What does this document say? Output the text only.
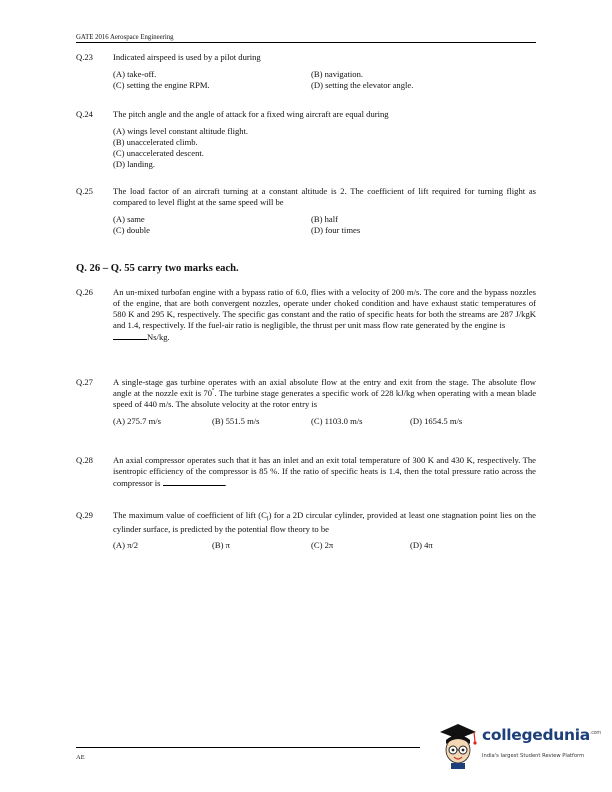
GATE 2016 Aerospace Engineering
Q.23	Indicated airspeed is used by a pilot during
(A) take-off.	(B) navigation.
(C) setting the engine RPM.	(D) setting the elevator angle.
Q.24	The pitch angle and the angle of attack for a fixed wing aircraft are equal during
(A) wings level constant altitude flight.
(B) unaccelerated climb.
(C) unaccelerated descent.
(D) landing.
Q.25	The load factor of an aircraft turning at a constant altitude is 2. The coefficient of lift required for turning flight as compared to level flight at the same speed will be
(A) same	(B) half
(C) double	(D) four times
Q. 26 – Q. 55 carry two marks each.
Q.26	An un-mixed turbofan engine with a bypass ratio of 6.0, flies with a velocity of 200 m/s. The core and the bypass nozzles of the engine, that are both convergent nozzles, operate under choked condition and have exhaust static temperatures of 580 K and 295 K, respectively. The specific gas constant and the ratio of specific heats for both the streams are 287 J/kgK and 1.4, respectively. If the fuel-air ratio is negligible, the thrust per unit mass flow rate generated by the engine is
Ns/kg.
Q.27	A single-stage gas turbine operates with an axial absolute flow at the entry and exit from the stage. The absolute flow angle at the nozzle exit is 70°. The turbine stage generates a specific work of 228 kJ/kg when operating with a mean blade speed of 440 m/s. The absolute velocity at the rotor entry is
(A) 275.7 m/s	(B) 551.5 m/s	(C) 1103.0 m/s	(D) 1654.5 m/s
Q.28	An axial compressor operates such that it has an inlet and an exit total temperature of 300 K and 430 K, respectively. The isentropic efficiency of the compressor is 85 %. If the ratio of specific heats is 1.4, then the total pressure ratio across the compressor is	.
Q.29	The maximum value of coefficient of lift $(C_l)$ for a 2D circular cylinder, provided at least one stagnation point lies on the cylinder surface, is predicted by the potential flow theory to be
(A) π/2	(B) π	(C) 2π	(D) 4π
AE
collegedunia$^{.com}$
India's largest Student Review Platform
